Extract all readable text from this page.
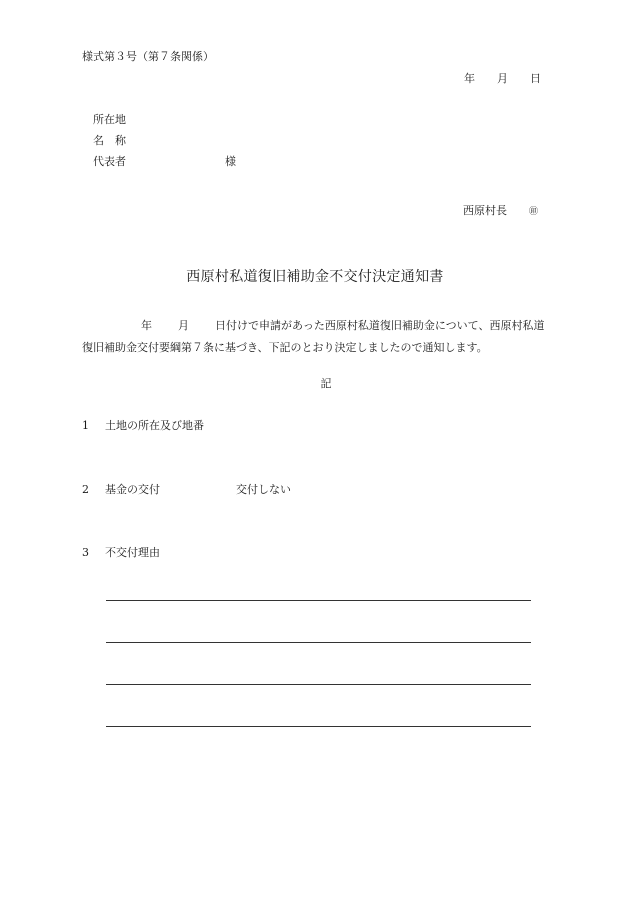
様式第３号（第７条関係）
年 月 日
所在地
名　称
代表者	様
西原村長 ㊞
西原村私道復旧補助金不交付決定通知書
年 月 日付けで申請があった西原村私道復旧補助金について、西原村私道
復旧補助金交付要綱第７条に基づき、下記のとおり決定しましたので通知します。
記
1 土地の所在及び地番
2 基金の交付	交付しない
3 不交付理由
